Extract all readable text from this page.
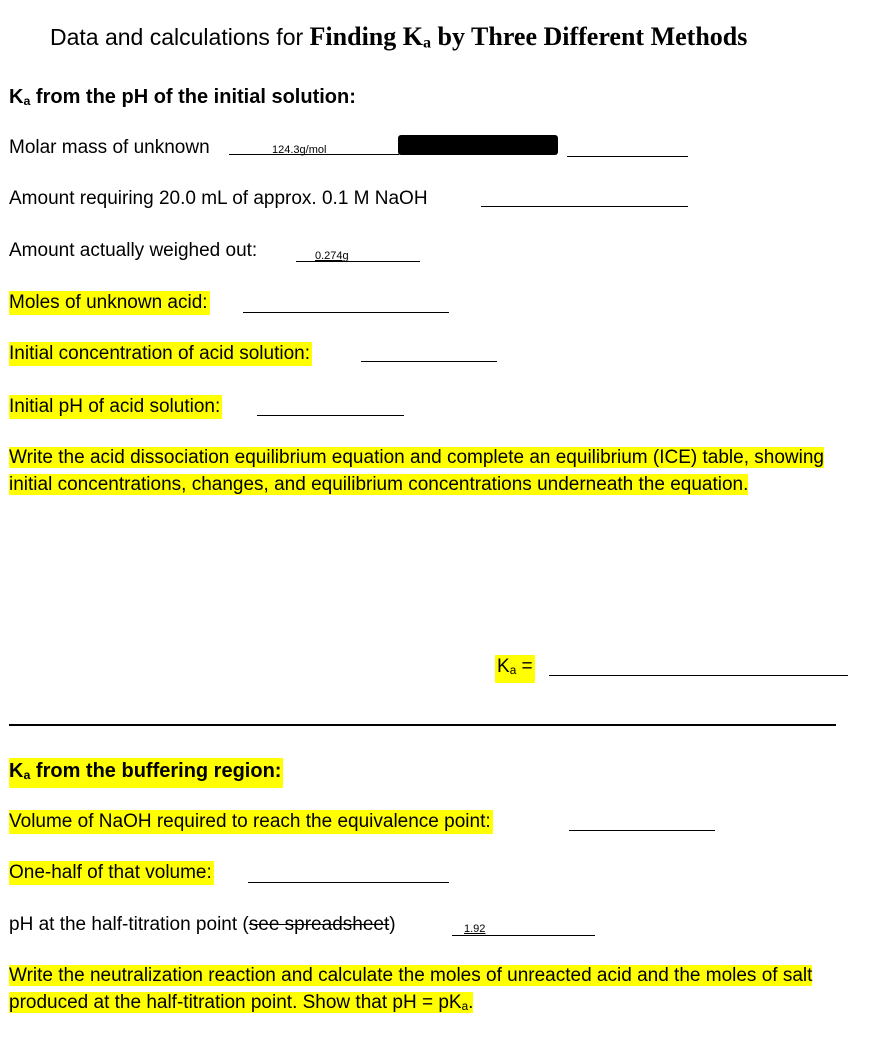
Data and calculations for Finding $K_a$ by Three Different Methods
$K_a$ from the pH of the initial solution:
Molar mass of unknown	124.3g/mol
Amount requiring 20.0 mL of approx. 0.1 M NaOH
Amount actually weighed out:	0.274g
Moles of unknown acid:
Initial concentration of acid solution:
Initial pH of acid solution:
Write the acid dissociation equilibrium equation and complete an equilibrium (ICE) table, showing initial concentrations, changes, and equilibrium concentrations underneath the equation.
$K_a$ =
$K_a$ from the buffering region:
Volume of NaOH required to reach the equivalence point:
One-half of that volume:
pH at the half-titration point (see spreadsheet)	1.92
Write the neutralization reaction and calculate the moles of unreacted acid and the moles of salt produced at the half-titration point. Show that pH = $pK_a$.
